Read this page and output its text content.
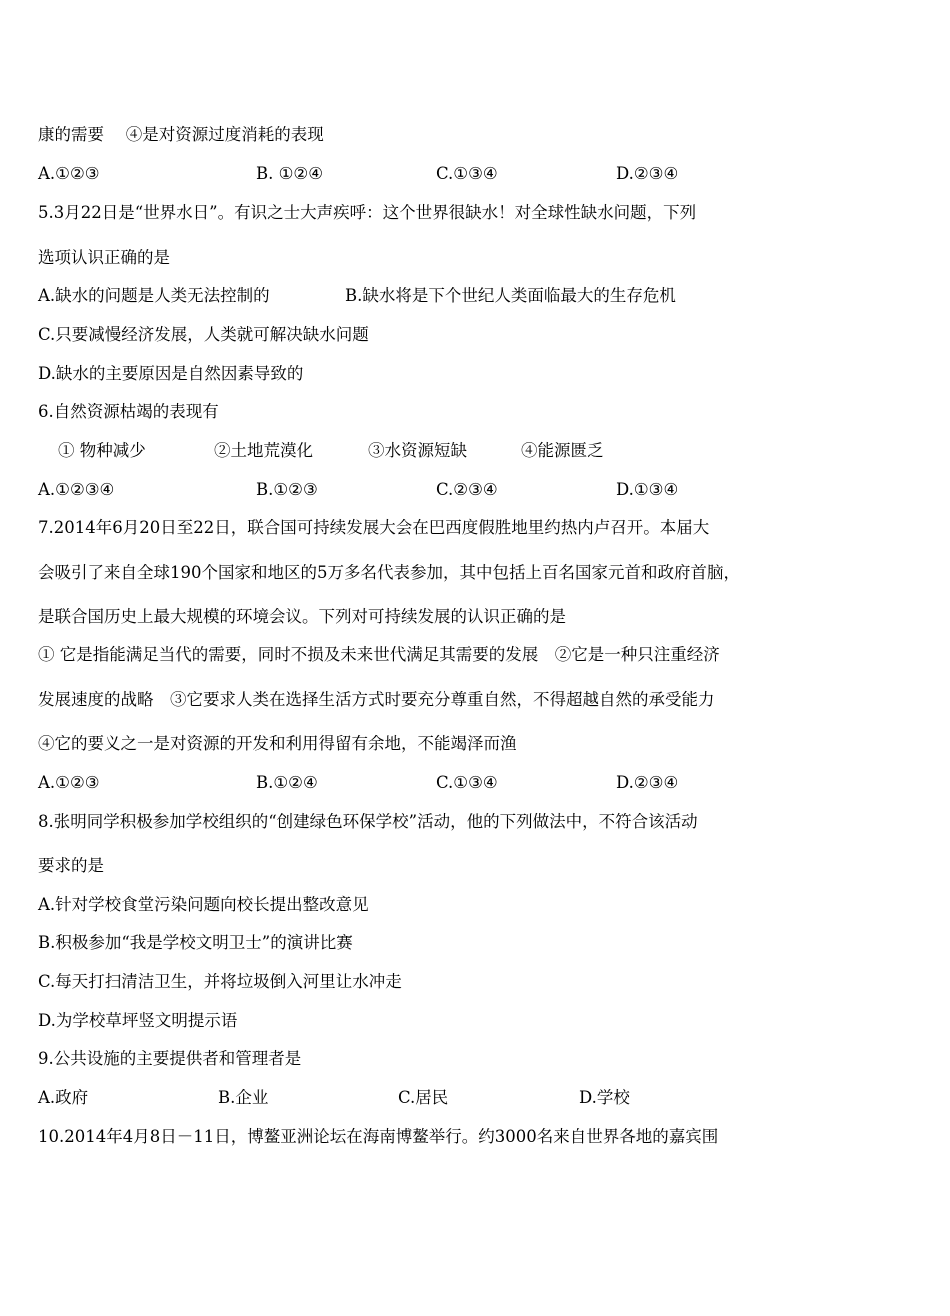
康的需要　 ④是对资源过度消耗的表现
A.①②③	B. ①②④	C.①③④	D.②③④
5.3月22日是“世界水日”。有识之士大声疾呼：这个世界很缺水！对全球性缺水问题，下列
选项认识正确的是
A.缺水的问题是人类无法控制的	B.缺水将是下个世纪人类面临最大的生存危机
C.只要减慢经济发展，人类就可解决缺水问题
D.缺水的主要原因是自然因素导致的
6.自然资源枯竭的表现有
① 物种减少	②土地荒漠化	③水资源短缺	④能源匮乏
A.①②③④	B.①②③	C.②③④	D.①③④
7.2014年6月20日至22日，联合国可持续发展大会在巴西度假胜地里约热内卢召开。本届大
会吸引了来自全球190个国家和地区的5万多名代表参加，其中包括上百名国家元首和政府首脑，
是联合国历史上最大规模的环境会议。下列对可持续发展的认识正确的是
① 它是指能满足当代的需要，同时不损及未来世代满足其需要的发展　②它是一种只注重经济
发展速度的战略　③它要求人类在选择生活方式时要充分尊重自然，不得超越自然的承受能力
④它的要义之一是对资源的开发和利用得留有余地，不能竭泽而渔
A.①②③	B.①②④	C.①③④	D.②③④
8.张明同学积极参加学校组织的“创建绿色环保学校”活动，他的下列做法中，不符合该活动
要求的是
A.针对学校食堂污染问题向校长提出整改意见
B.积极参加“我是学校文明卫士”的演讲比赛
C.每天打扫清洁卫生，并将垃圾倒入河里让水冲走
D.为学校草坪竖文明提示语
9.公共设施的主要提供者和管理者是
A.政府	B.企业	C.居民	D.学校
10.2014年4月8日－11日，博鳌亚洲论坛在海南博鳌举行。约3000名来自世界各地的嘉宾围
